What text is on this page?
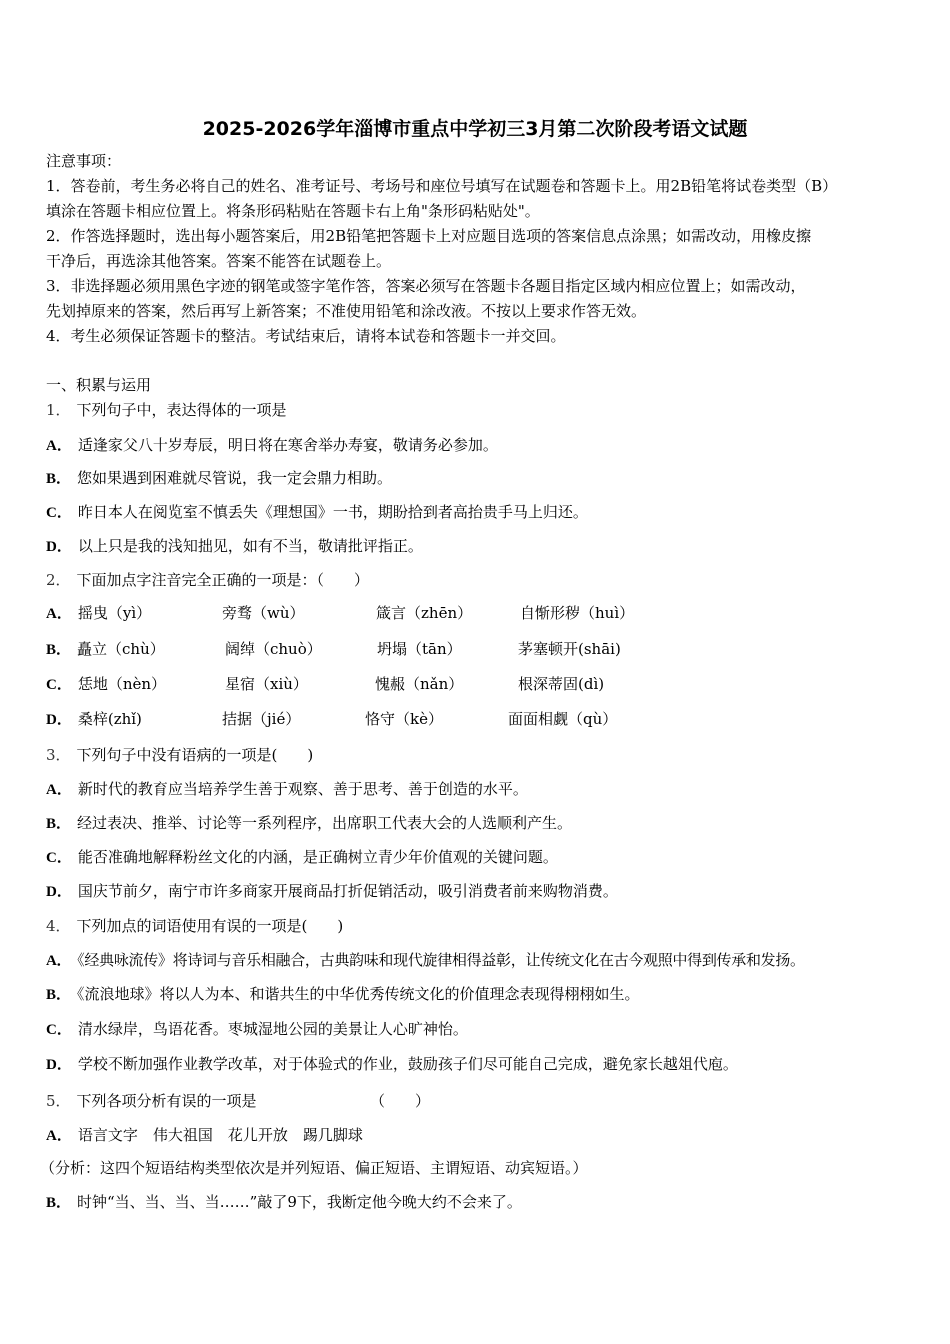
2025-2026学年淄博市重点中学初三3月第二次阶段考语文试题
注意事项：
1．答卷前，考生务必将自己的姓名、准考证号、考场号和座位号填写在试题卷和答题卡上。用2B铅笔将试卷类型（B）
填涂在答题卡相应位置上。将条形码粘贴在答题卡右上角"条形码粘贴处"。
2．作答选择题时，选出每小题答案后，用2B铅笔把答题卡上对应题目选项的答案信息点涂黑；如需改动，用橡皮擦
干净后，再选涂其他答案。答案不能答在试题卷上。
3．非选择题必须用黑色字迹的钢笔或签字笔作答，答案必须写在答题卡各题目指定区域内相应位置上；如需改动，
先划掉原来的答案，然后再写上新答案；不准使用铅笔和涂改液。不按以上要求作答无效。
4．考生必须保证答题卡的整洁。考试结束后，请将本试卷和答题卡一并交回。
一、积累与运用
1． 下列句子中，表达得体的一项是
A． 适逢家父八十岁寿辰，明日将在寒舍举办寿宴，敬请务必参加。
B． 您如果遇到困难就尽管说，我一定会鼎力相助。
C． 昨日本人在阅览室不慎丢失《理想国》一书，期盼拾到者高抬贵手马上归还。
D． 以上只是我的浅知拙见，如有不当，敬请批评指正。
2． 下面加点字注音完全正确的一项是：（　　）
A． 摇曳（yì）	旁骛（wù）	箴言（zhēn）	自惭形秽（huì）
B． 矗立（chù）	阔绰（chuò）	坍塌（tān）	茅塞顿开(shāi)
C． 恁地（nèn）	星宿（xiù）	愧赧（nǎn）	根深蒂固(dì)
D． 桑梓(zhǐ)	拮据（jié）	恪守（kè）	面面相觑（qù）
3． 下列句子中没有语病的一项是(　　)
A． 新时代的教育应当培养学生善于观察、善于思考、善于创造的水平。
B． 经过表决、推举、讨论等一系列程序，出席职工代表大会的人选顺利产生。
C． 能否准确地解释粉丝文化的内涵，是正确树立青少年价值观的关键问题。
D． 国庆节前夕，南宁市许多商家开展商品打折促销活动，吸引消费者前来购物消费。
4． 下列加点的词语使用有误的一项是(　　)
A． 《经典咏流传》将诗词与音乐相融合，古典韵味和现代旋律相得益彰，让传统文化在古今观照中得到传承和发扬。
B． 《流浪地球》将以人为本、和谐共生的中华优秀传统文化的价值理念表现得栩栩如生。
C． 清水绿岸，鸟语花香。枣城湿地公园的美景让人心旷神怡。
D． 学校不断加强作业教学改革，对于体验式的作业，鼓励孩子们尽可能自己完成，避免家长越俎代庖。
5． 下列各项分析有误的一项是	（　　）
A． 语言文字　伟大祖国　花儿开放　踢几脚球
（分析：这四个短语结构类型依次是并列短语、偏正短语、主谓短语、动宾短语。）
B． 时钟“当、当、当、当……”敲了9下，我断定他今晚大约不会来了。
